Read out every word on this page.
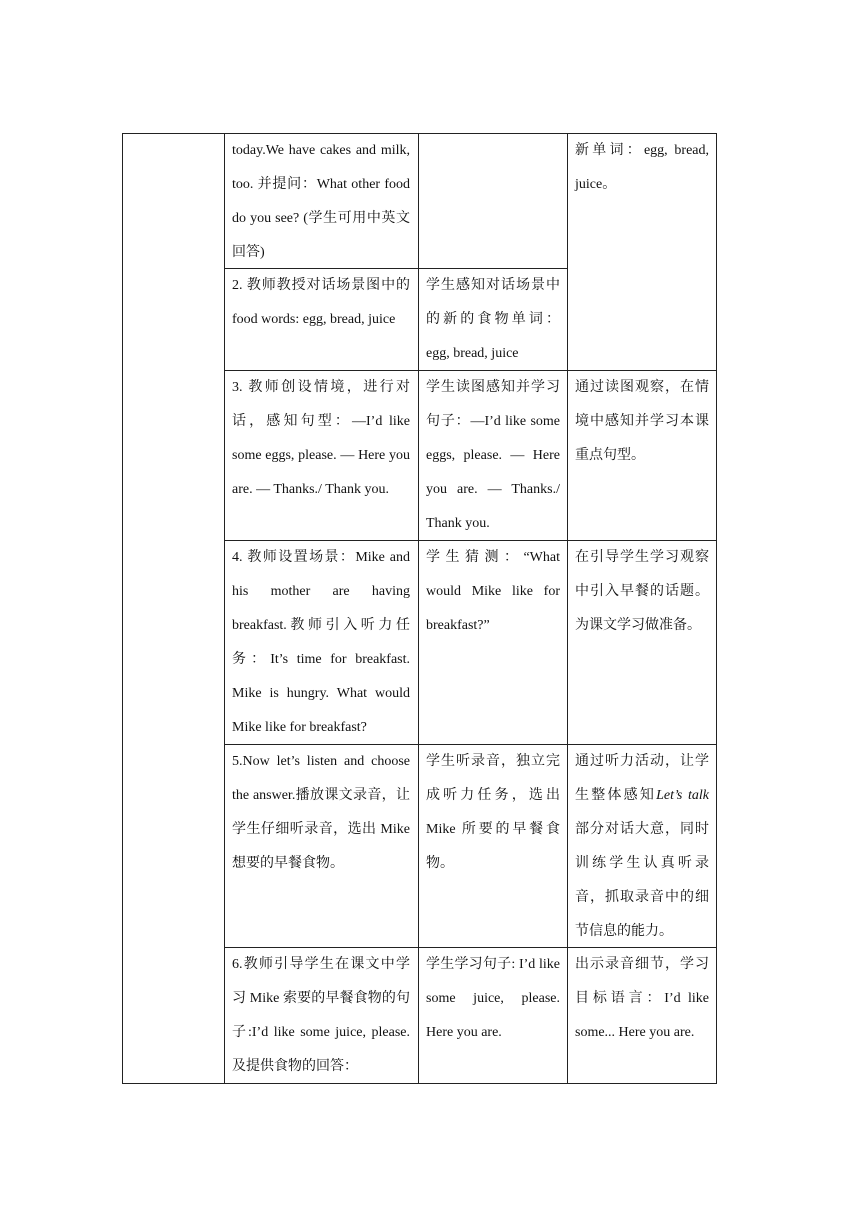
today.We have cakes and milk, too. 并提问：What other food do you see? (学生可用中英文回答)

新单词：egg, bread, juice。

2. 教师教授对话场景图中的 food words: egg, bread, juice

学生感知对话场景中的新的食物单词：egg, bread, juice

3. 教师创设情境，进行对话，感知句型：—I’d like some eggs, please. — Here you are. — Thanks./ Thank you.

学生读图感知并学习句子：—I’d like some eggs, please. — Here you are. — Thanks./ Thank you.

通过读图观察，在情境中感知并学习本课重点句型。

4. 教师设置场景：Mike and his mother are having breakfast.教师引入听力任务：It’s time for breakfast. Mike is hungry. What would Mike like for breakfast?

学生猜测：“What would Mike like for breakfast?”

在引导学生学习观察中引入早餐的话题。为课文学习做准备。

5.Now let’s listen and choose the answer.播放课文录音，让学生仔细听录音，选出 Mike 想要的早餐食物。

学生听录音，独立完成听力任务，选出 Mike 所要的早餐食物。

通过听力活动，让学生整体感知Let’s talk部分对话大意，同时训练学生认真听录音，抓取录音中的细节信息的能力。

6.教师引导学生在课文中学习 Mike 索要的早餐食物的句子:I’d like some juice, please.及提供食物的回答：

学生学习句子: I’d like some juice, please. Here you are.

出示录音细节，学习目标语言：I’d like some... Here you are.
